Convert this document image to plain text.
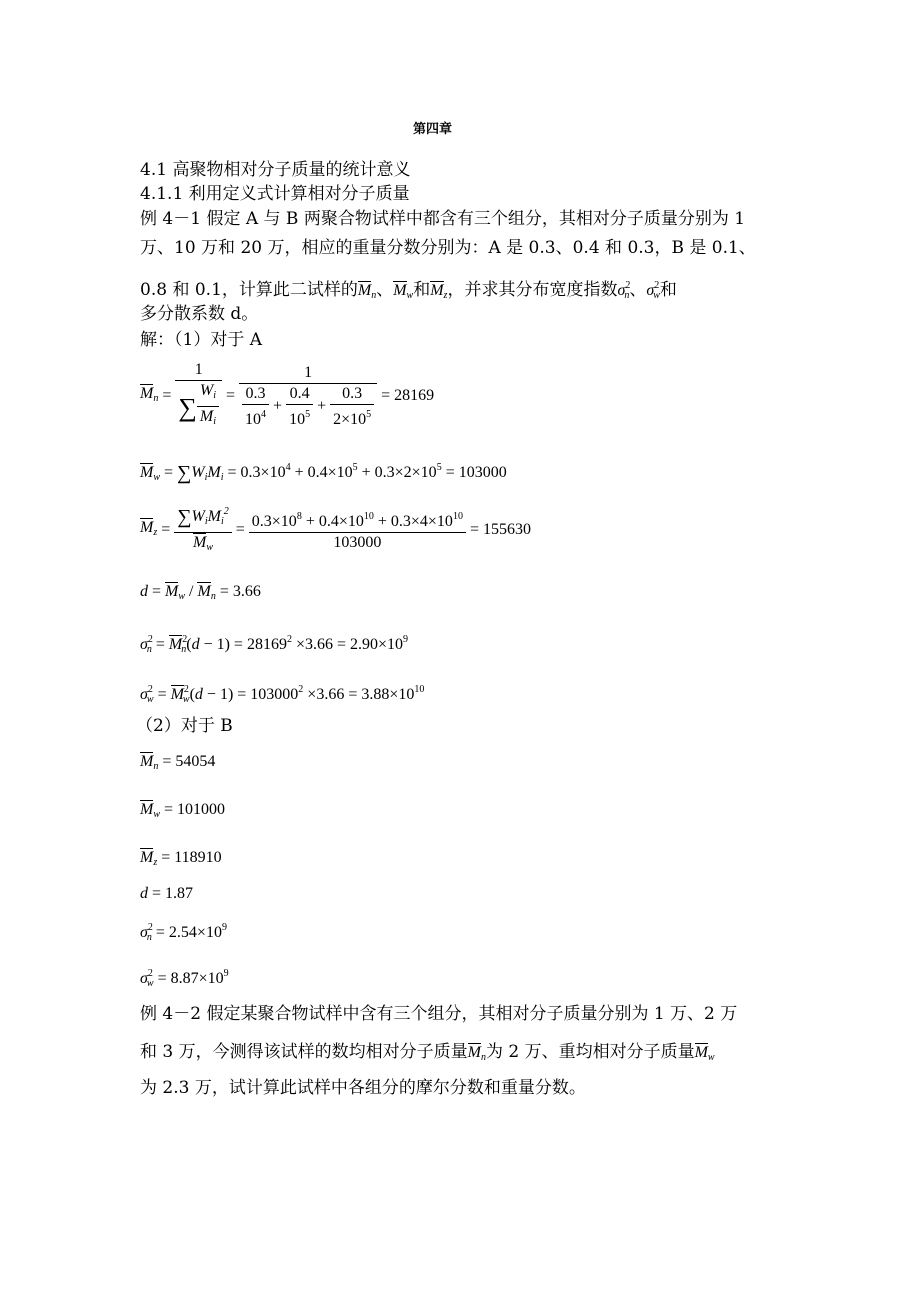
第四章
4.1 高聚物相对分子质量的统计意义
4.1.1 利用定义式计算相对分子质量
例 4－1 假定 A 与 B 两聚合物试样中都含有三个组分，其相对分子质量分别为 1
万、10 万和 20 万，相应的重量分数分别为：A 是 0.3、0.4 和 0.3，B 是 0.1、
0.8 和 0.1，计算此二试样的$M_n$、$M_w$和$M_z$，并求其分布宽度指数$\sigma^2_n$、$\sigma^2_w$和
多分散系数 d。
解：（1）对于 A
$M_n = \frac{1}{\sum \frac{W_i}{M_i}} = \frac{1}{\frac{0.3}{10^4} + \frac{0.4}{10^5} + \frac{0.3}{2\times 10^5}} = 28169$
$M_w = \sum W_iM_i = 0.3\times 10^4 + 0.4\times 10^5 + 0.3\times 2\times 10^5 = 103000$
$M_z = \frac{\sum W_iM_i^2}{M_w} = \frac{0.3\times 10^8 + 0.4\times 10^{10} + 0.3\times 4\times 10^{10}}{103000} = 155630$
$d = M_w / M_n = 3.66$
$\sigma^2_n = M^2_n(d - 1) = 28169^2 \times 3.66 = 2.90\times 10^9$
$\sigma^2_w = M^2_w(d - 1) = 103000^2 \times 3.66 = 3.88\times 10^{10}$
（2）对于 B
$M_n = 54054$
$M_w = 101000$
$M_z = 118910$
d = 1.87
$\sigma^2_n = 2.54\times 10^9$
$\sigma^2_w = 8.87\times 10^9$
例 4－2 假定某聚合物试样中含有三个组分，其相对分子质量分别为 1 万、2 万
和 3 万，今测得该试样的数均相对分子质量$M_n$为 2 万、重均相对分子质量$M_w$
为 2.3 万，试计算此试样中各组分的摩尔分数和重量分数。
